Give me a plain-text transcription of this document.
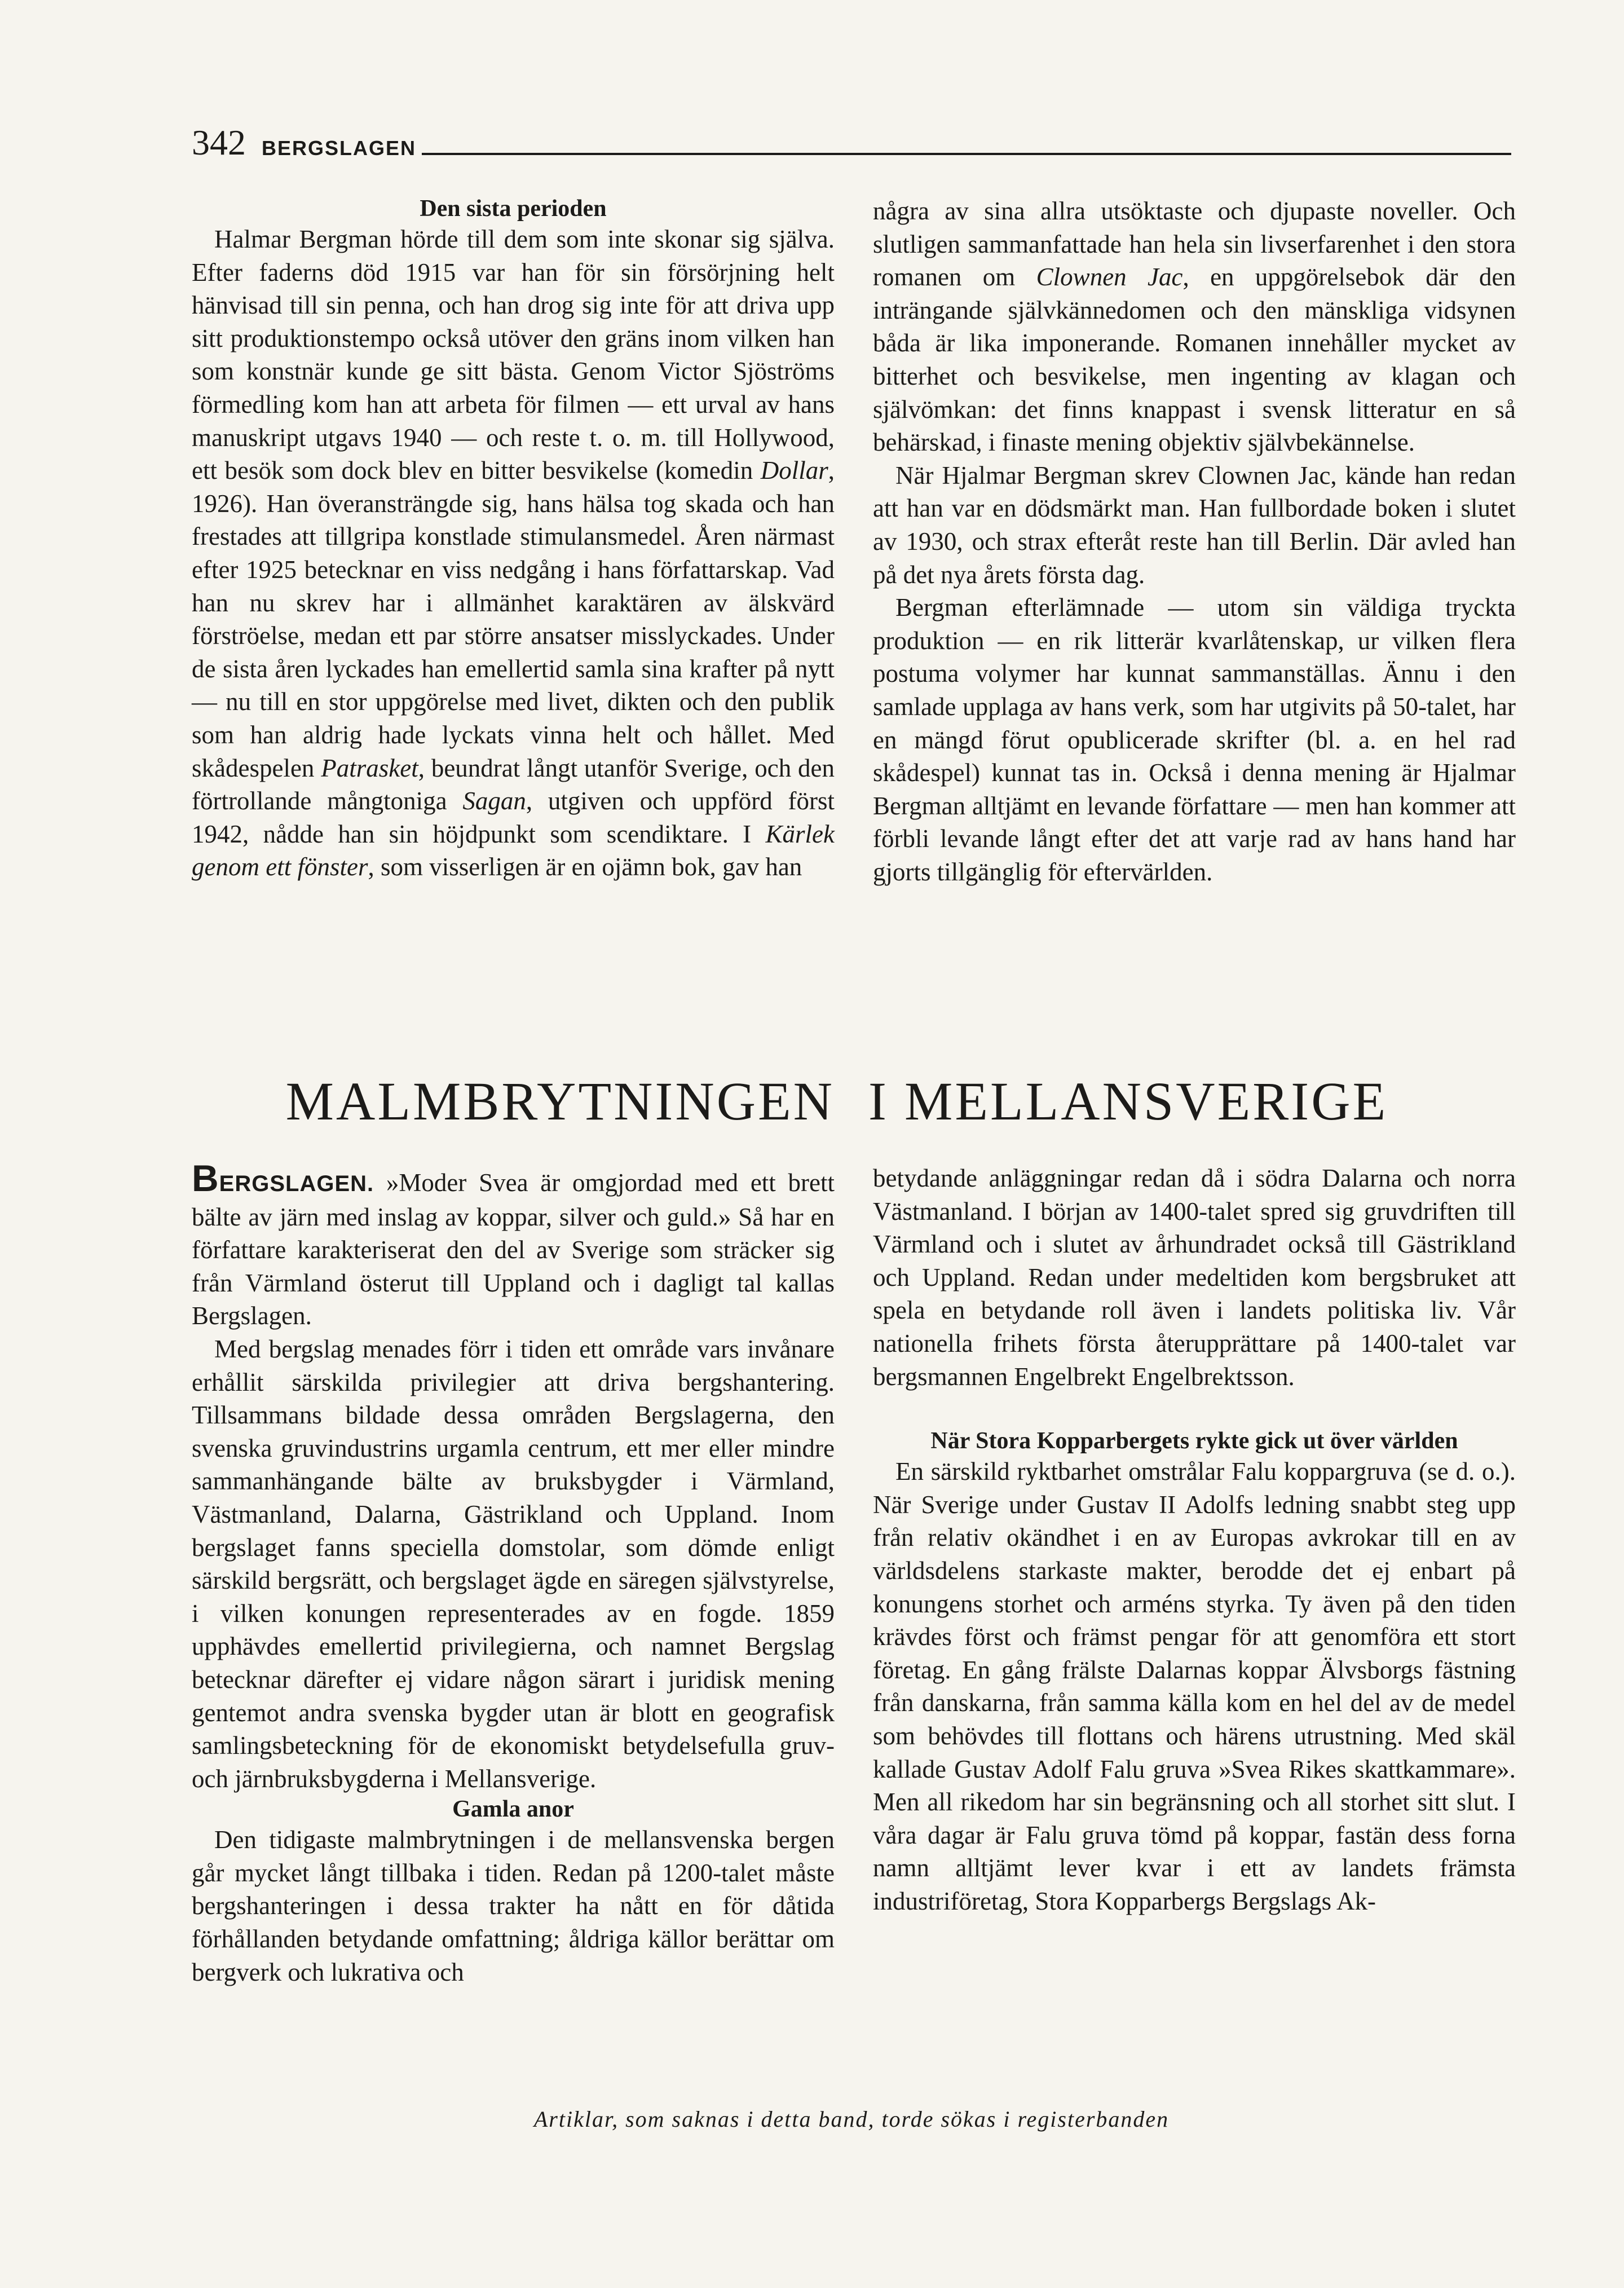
342 BERGSLAGEN
Den sista perioden

Halmar Bergman hörde till dem som inte skonar sig själva. Efter faderns död 1915 var han för sin försörjning helt hänvisad till sin penna, och han drog sig inte för att driva upp sitt produktionstempo också utöver den gräns inom vilken han som konstnär kunde ge sitt bästa. Genom Victor Sjöströms förmedling kom han att arbeta för filmen — ett urval av hans manuskript utgavs 1940 — och reste t. o. m. till Hollywood, ett besök som dock blev en bitter besvikelse (komedin Dollar, 1926). Han överansträngde sig, hans hälsa tog skada och han frestades att tillgripa konstlade stimulansmedel. Åren närmast efter 1925 betecknar en viss nedgång i hans författarskap. Vad han nu skrev har i allmänhet karaktären av älskvärd förströelse, medan ett par större ansatser misslyckades. Under de sista åren lyckades han emellertid samla sina krafter på nytt — nu till en stor uppgörelse med livet, dikten och den publik som han aldrig hade lyckats vinna helt och hållet. Med skådespelen Patrasket, beundrat långt utanför Sverige, och den förtrollande mångtoniga Sagan, utgiven och uppförd först 1942, nådde han sin höjdpunkt som scendiktare. I Kärlek genom ett fönster, som visserligen är en ojämn bok, gav han

några av sina allra utsöktaste och djupaste noveller. Och slutligen sammanfattade han hela sin livserfarenhet i den stora romanen om Clownen Jac, en uppgörelsebok där den inträngande självkännedomen och den mänskliga vidsynen båda är lika imponerande. Romanen innehåller mycket av bitterhet och besvikelse, men ingenting av klagan och självömkan: det finns knappast i svensk litteratur en så behärskad, i finaste mening objektiv självbekännelse.

När Hjalmar Bergman skrev Clownen Jac, kände han redan att han var en dödsmärkt man. Han fullbordade boken i slutet av 1930, och strax efteråt reste han till Berlin. Där avled han på det nya årets första dag.

Bergman efterlämnade — utom sin väldiga tryckta produktion — en rik litterär kvarlåtenskap, ur vilken flera postuma volymer har kunnat sammanställas. Ännu i den samlade upplaga av hans verk, som har utgivits på 50-talet, har en mängd förut opublicerade skrifter (bl. a. en hel rad skådespel) kunnat tas in. Också i denna mening är Hjalmar Bergman alltjämt en levande författare — men han kommer att förbli levande långt efter det att varje rad av hans hand har gjorts tillgänglig för eftervärlden.

MALMBRYTNINGEN I MELLANSVERIGE

BERGSLAGEN. »Moder Svea är omgjordad med ett brett bälte av järn med inslag av koppar, silver och guld.» Så har en författare karakteriserat den del av Sverige som sträcker sig från Värmland österut till Uppland och i dagligt tal kallas Bergslagen.

Med bergslag menades förr i tiden ett område vars invånare erhållit särskilda privilegier att driva bergshantering. Tillsammans bildade dessa områden Bergslagerna, den svenska gruvindustrins urgamla centrum, ett mer eller mindre sammanhängande bälte av bruksbygder i Värmland, Västmanland, Dalarna, Gästrikland och Uppland. Inom bergslaget fanns speciella domstolar, som dömde enligt särskild bergsrätt, och bergslaget ägde en säregen självstyrelse, i vilken konungen representerades av en fogde. 1859 upphävdes emellertid privilegierna, och namnet Bergslag betecknar därefter ej vidare någon särart i juridisk mening gentemot andra svenska bygder utan är blott en geografisk samlingsbeteckning för de ekonomiskt betydelsefulla gruv- och järnbruksbygderna i Mellansverige.

Gamla anor

Den tidigaste malmbrytningen i de mellansvenska bergen går mycket långt tillbaka i tiden. Redan på 1200-talet måste bergshanteringen i dessa trakter ha nått en för dåtida förhållanden betydande omfattning; åldriga källor berättar om bergverk och lukrativa och

betydande anläggningar redan då i södra Dalarna och norra Västmanland. I början av 1400-talet spred sig gruvdriften till Värmland och i slutet av århundradet också till Gästrikland och Uppland. Redan under medeltiden kom bergsbruket att spela en betydande roll även i landets politiska liv. Vår nationella frihets första återupprättare på 1400-talet var bergsmannen Engelbrekt Engelbrektsson.

När Stora Kopparbergets rykte gick ut över världen

En särskild ryktbarhet omstrålar Falu koppargruva (se d. o.). När Sverige under Gustav II Adolfs ledning snabbt steg upp från relativ okändhet i en av Europas avkrokar till en av världsdelens starkaste makter, berodde det ej enbart på konungens storhet och arméns styrka. Ty även på den tiden krävdes först och främst pengar för att genomföra ett stort företag. En gång frälste Dalarnas koppar Älvsborgs fästning från danskarna, från samma källa kom en hel del av de medel som behövdes till flottans och härens utrustning. Med skäl kallade Gustav Adolf Falu gruva »Svea Rikes skattkammare». Men all rikedom har sin begränsning och all storhet sitt slut. I våra dagar är Falu gruva tömd på koppar, fastän dess forna namn alltjämt lever kvar i ett av landets främsta industriföretag, Stora Kopparbergs Bergslags Ak-

Artiklar, som saknas i detta band, torde sökas i registerbanden
